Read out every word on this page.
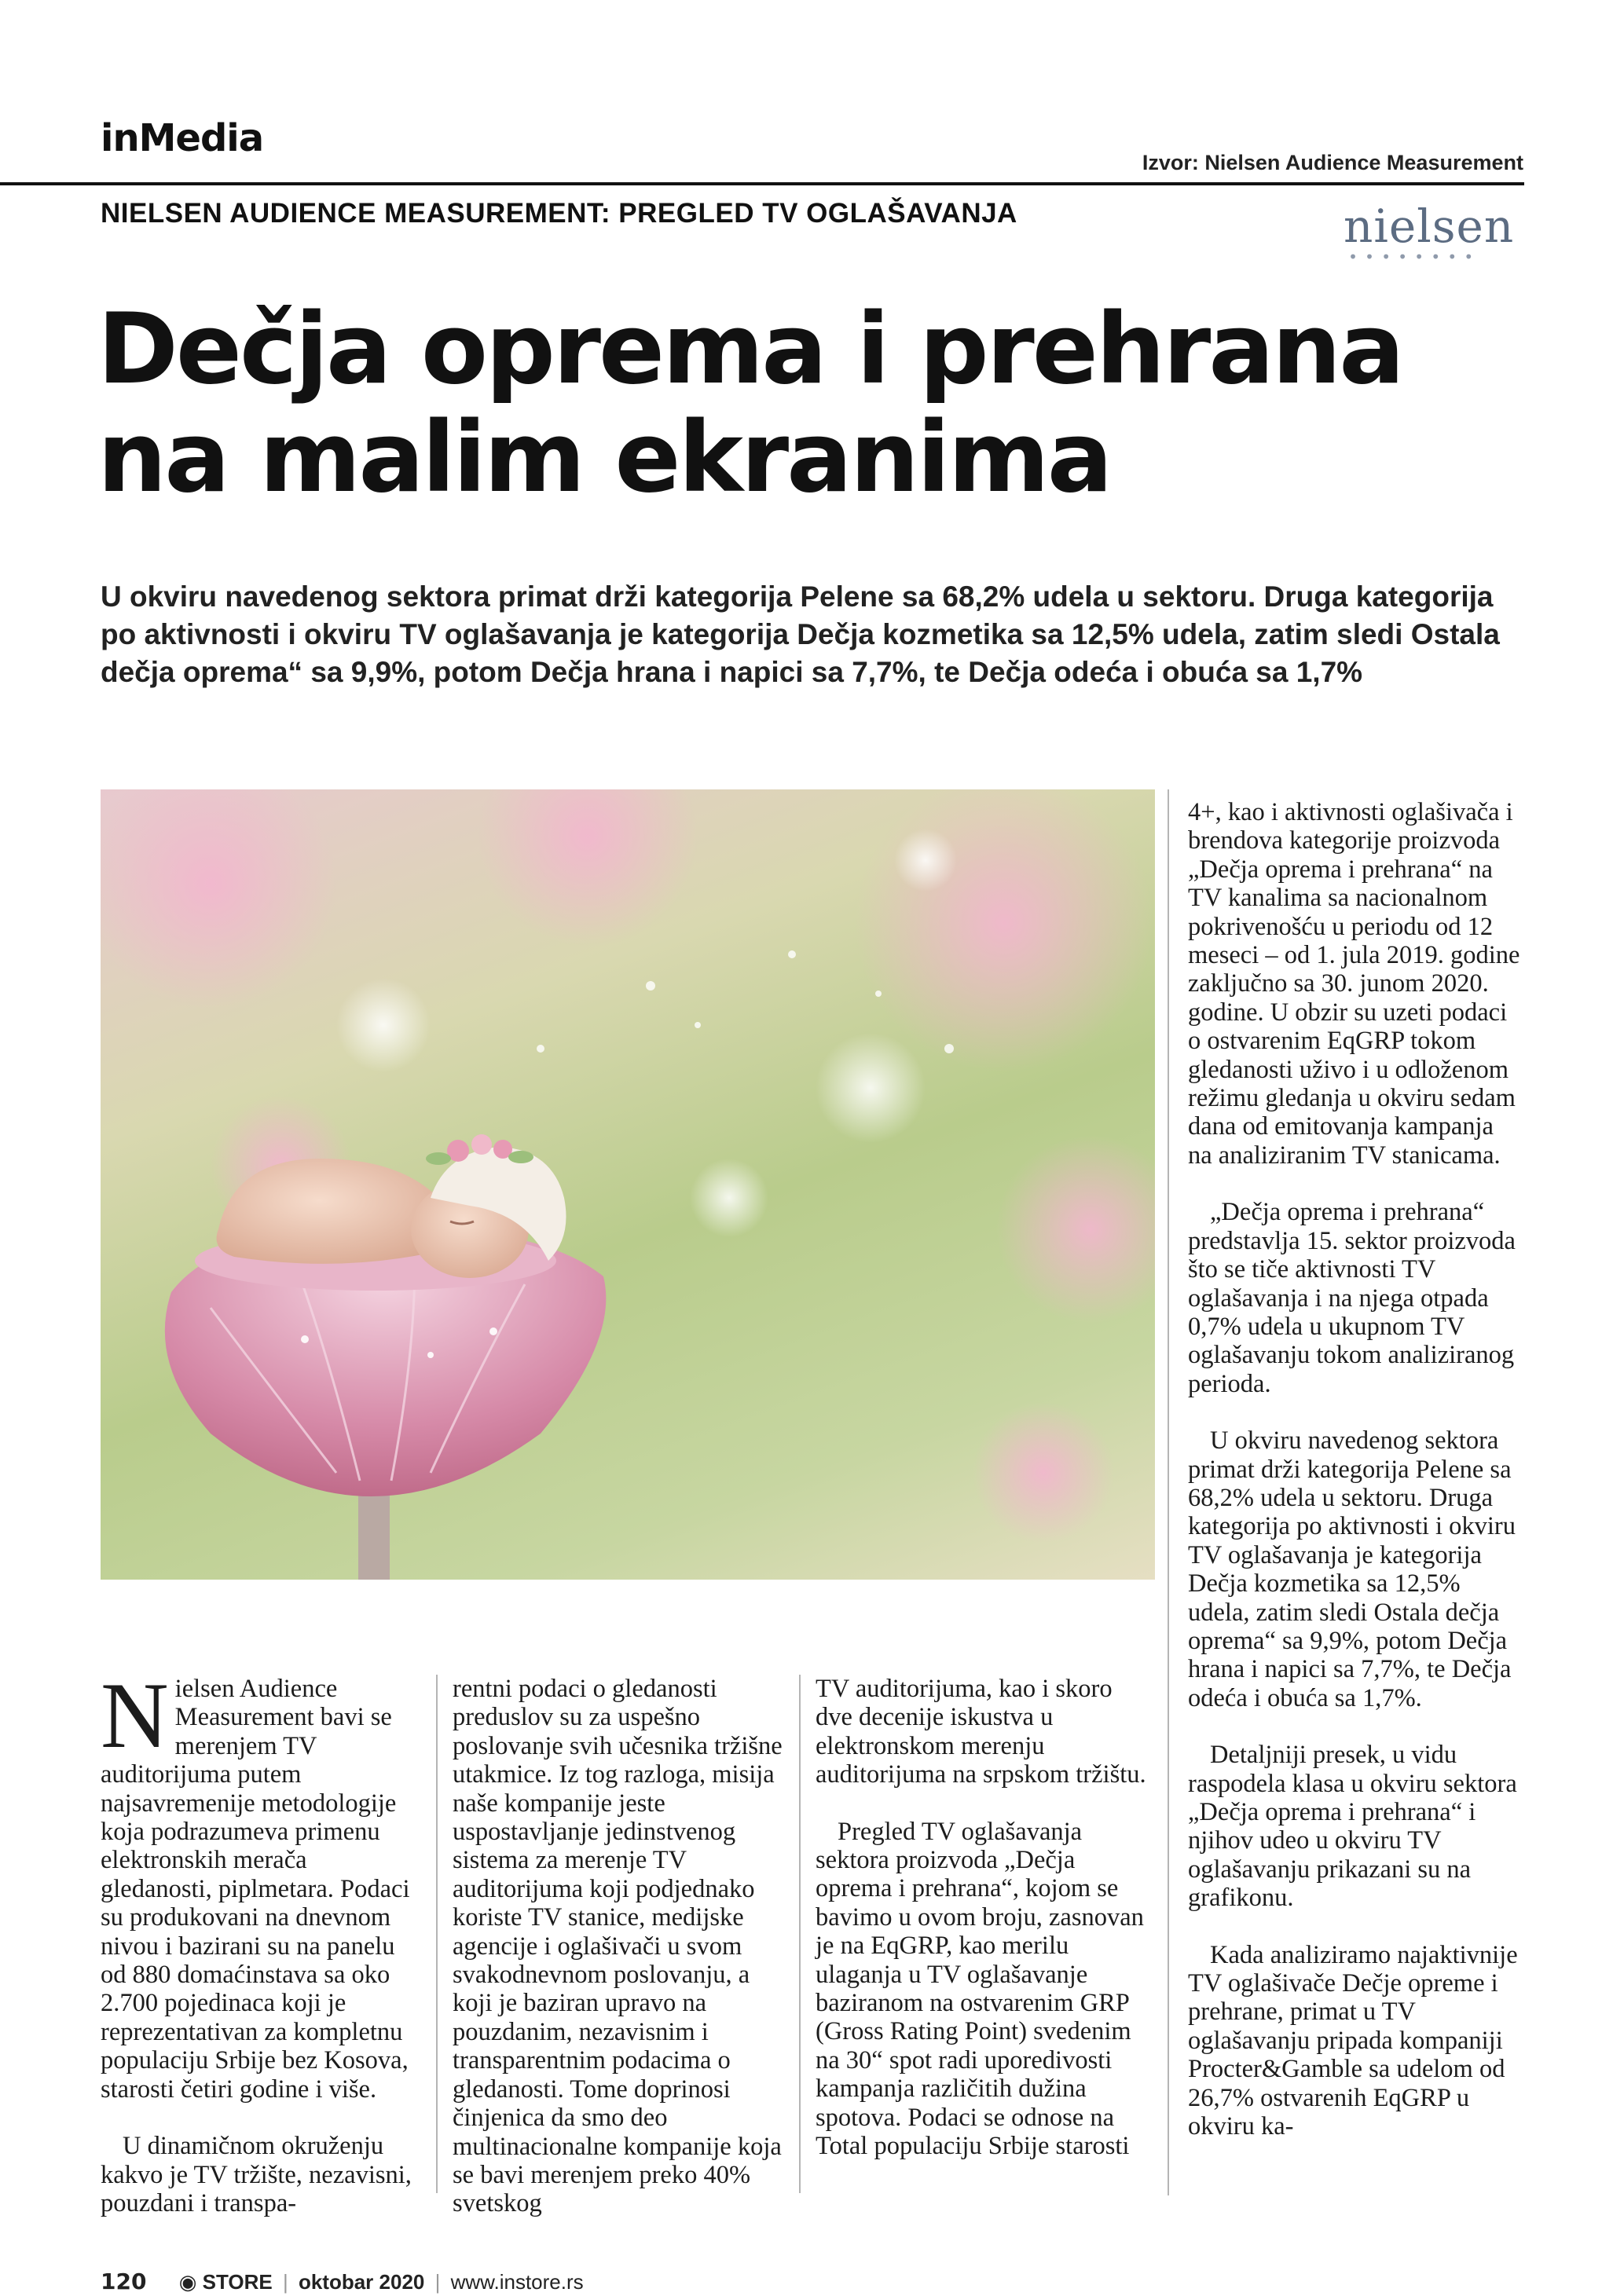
inMedia
Izvor: Nielsen Audience Measurement
NIELSEN AUDIENCE MEASUREMENT: PREGLED TV OGLAŠAVANJA	nielsen
••••••••
Dečja oprema i prehrana
na malim ekranima
U okviru navedenog sektora primat drži kategorija Pelene sa 68,2% udela u sektoru. Druga kategorija po aktivnosti i okviru TV oglašavanja je kategorija Dečja kozmetika sa 12,5% udela, zatim sledi Ostala dečja oprema“ sa 9,9%, potom Dečja hrana i napici sa 7,7%, te Dečja odeća i obuća sa 1,7%

Nielsen Audience Measurement bavi se merenjem TV auditorijuma putem najsavremenije metodologije koja podrazumeva primenu elektronskih merača gledanosti, piplmetara. Podaci su produkovani na dnevnom nivou i bazirani su na panelu od 880 domaćinstava sa oko 2.700 pojedinaca koji je reprezentativan za kompletnu populaciju Srbije bez Kosova, starosti četiri godine i više.

U dinamičnom okruženju kakvo je TV tržište, nezavisni, pouzdani i transpa-

rentni podaci o gledanosti preduslov su za uspešno poslovanje svih učesnika tržišne utakmice. Iz tog razloga, misija naše kompanije jeste uspostavljanje jedinstvenog sistema za merenje TV auditorijuma koji podjednako koriste TV stanice, medijske agencije i oglašivači u svom svakodnevnom poslovanju, a koji je baziran upravo na pouzdanim, nezavisnim i transparentnim podacima o gledanosti. Tome doprinosi činjenica da smo deo multinacionalne kompanije koja se bavi merenjem preko 40% svetskog

TV auditorijuma, kao i skoro dve decenije iskustva u elektronskom merenju auditorijuma na srpskom tržištu.

Pregled TV oglašavanja sektora proizvoda „Dečja oprema i prehrana“, kojom se bavimo u ovom broju, zasnovan je na EqGRP, kao merilu ulaganja u TV oglašavanje baziranom na ostvarenim GRP (Gross Rating Point) svedenim na 30“ spot radi uporedivosti kampanja različitih dužina spotova. Podaci se odnose na Total populaciju Srbije starosti

4+, kao i aktivnosti oglašivača i brendova kategorije proizvoda „Dečja oprema i prehrana“ na TV kanalima sa nacionalnom pokrivenošću u periodu od 12 meseci – od 1. jula 2019. godine zaključno sa 30. junom 2020. godine. U obzir su uzeti podaci o ostvarenim EqGRP tokom gledanosti uživo i u odloženom režimu gledanja u okviru sedam dana od emitovanja kampanja na analiziranim TV stanicama.

„Dečja oprema i prehrana“ predstavlja 15. sektor proizvoda što se tiče aktivnosti TV oglašavanja i na njega otpada 0,7% udela u ukupnom TV oglašavanju tokom analiziranog perioda.

U okviru navedenog sektora primat drži kategorija Pelene sa 68,2% udela u sektoru. Druga kategorija po aktivnosti i okviru TV oglašavanja je kategorija Dečja kozmetika sa 12,5% udela, zatim sledi Ostala dečja oprema“ sa 9,9%, potom Dečja hrana i napici sa 7,7%, te Dečja odeća i obuća sa 1,7%.

Detaljniji presek, u vidu raspodela klasa u okviru sektora „Dečja oprema i prehrana“ i njihov udeo u okviru TV oglašavanju prikazani su na grafikonu.

Kada analiziramo najaktivnije TV oglašivače Dečje opreme i prehrane, primat u TV oglašavanju pripada kompaniji Procter&Gamble sa udelom od 26,7% ostvarenih EqGRP u okviru ka-

120 ◉ STORE | oktobar 2020 | www.instore.rs
